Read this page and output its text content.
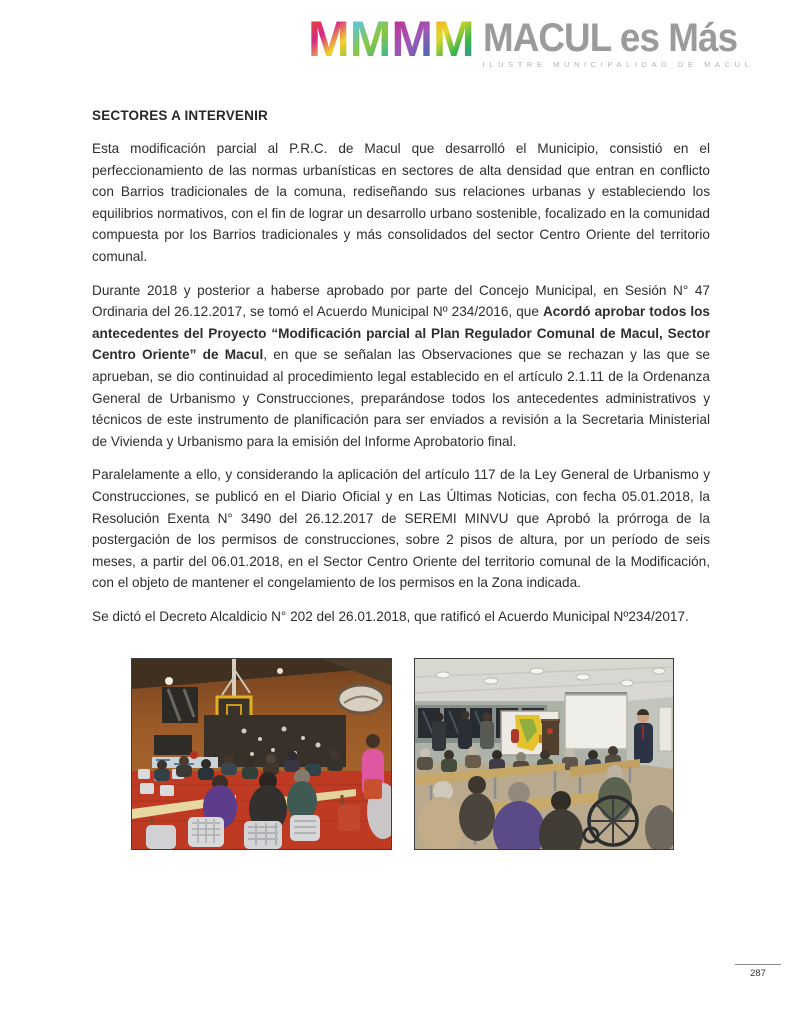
M M M M MACUL es Más
ILUSTRE MUNICIPALIDAD DE MACUL
SECTORES A INTERVENIR

Esta modificación parcial al P.R.C. de Macul que desarrolló el Municipio, consistió en el perfeccionamiento de las normas urbanísticas en sectores de alta densidad que entran en conflicto con Barrios tradicionales de la comuna, rediseñando sus relaciones urbanas y estableciendo los equilibrios normativos, con el fin de lograr un desarrollo urbano sostenible, focalizado en la comunidad compuesta por los Barrios tradicionales y más consolidados del sector Centro Oriente del territorio comunal.

Durante 2018 y posterior a haberse aprobado por parte del Concejo Municipal, en Sesión N° 47 Ordinaria del 26.12.2017, se tomó el Acuerdo Municipal Nº 234/2016, que Acordó aprobar todos los antecedentes del Proyecto “Modificación parcial al Plan Regulador Comunal de Macul, Sector Centro Oriente” de Macul, en que se señalan las Observaciones que se rechazan y las que se aprueban, se dio continuidad al procedimiento legal establecido en el artículo 2.1.11 de la Ordenanza General de Urbanismo y Construcciones, preparándose todos los antecedentes administrativos y técnicos de este instrumento de planificación para ser enviados a revisión a la Secretaria Ministerial de Vivienda y Urbanismo para la emisión del Informe Aprobatorio final.

Paralelamente a ello, y considerando la aplicación del artículo 117 de la Ley General de Urbanismo y Construcciones, se publicó en el Diario Oficial y en Las Últimas Noticias, con fecha 05.01.2018, la Resolución Exenta N° 3490 del 26.12.2017 de SEREMI MINVU que Aprobó la prórroga de la postergación de los permisos de construcciones, sobre 2 pisos de altura, por un período de seis meses, a partir del 06.01.2018, en el Sector Centro Oriente del territorio comunal de la Modificación, con el objeto de mantener el congelamiento de los permisos en la Zona indicada.

Se dictó el Decreto Alcaldicio N° 202 del 26.01.2018, que ratificó el Acuerdo Municipal Nº234/2017.

287
